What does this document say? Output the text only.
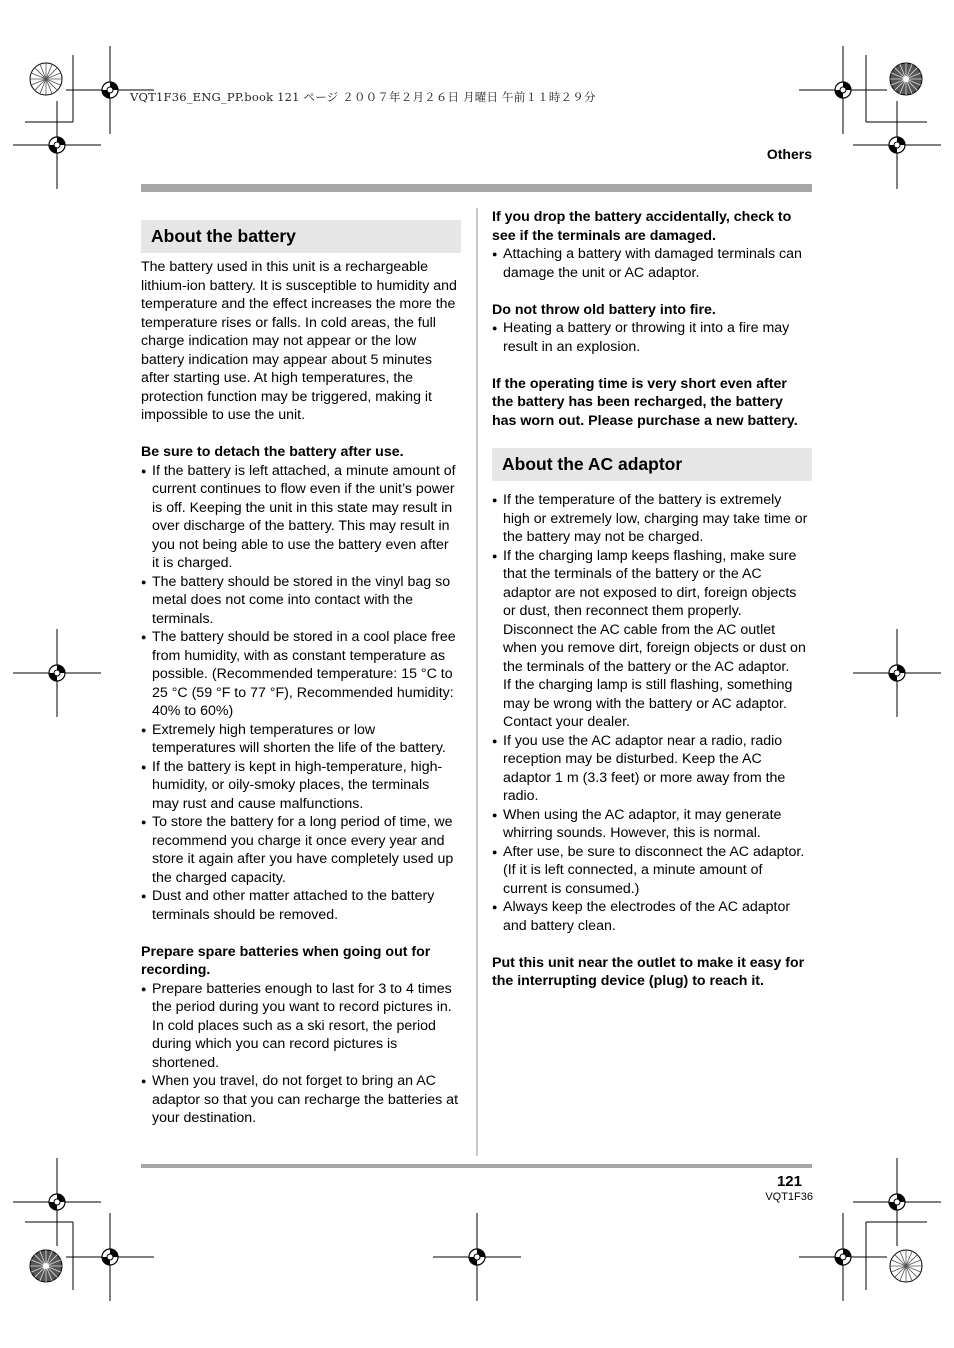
VQT1F36_ENG_PP.book 121 ページ ２００７年２月２６日 月曜日 午前１１時２９分
Others
About the battery

The battery used in this unit is a rechargeable lithium-ion battery. It is susceptible to humidity and temperature and the effect increases the more the temperature rises or falls. In cold areas, the full charge indication may not appear or the low battery indication may appear about 5 minutes after starting use. At high temperatures, the protection function may be triggered, making it impossible to use the unit.

Be sure to detach the battery after use.

● If the battery is left attached, a minute amount of current continues to flow even if the unit’s power is off. Keeping the unit in this state may result in over discharge of the battery. This may result in you not being able to use the battery even after it is charged.
● The battery should be stored in the vinyl bag so metal does not come into contact with the terminals.
● The battery should be stored in a cool place free from humidity, with as constant temperature as possible. (Recommended temperature: 15 °C to 25 °C (59 °F to 77 °F), Recommended humidity: 40% to 60%)
● Extremely high temperatures or low temperatures will shorten the life of the battery.
● If the battery is kept in high-temperature, high-humidity, or oily-smoky places, the terminals may rust and cause malfunctions.
● To store the battery for a long period of time, we recommend you charge it once every year and store it again after you have completely used up the charged capacity.
● Dust and other matter attached to the battery terminals should be removed.

Prepare spare batteries when going out for recording.

● Prepare batteries enough to last for 3 to 4 times the period during you want to record pictures in. In cold places such as a ski resort, the period during which you can record pictures is shortened.
● When you travel, do not forget to bring an AC adaptor so that you can recharge the batteries at your destination.

If you drop the battery accidentally, check to see if the terminals are damaged.

● Attaching a battery with damaged terminals can damage the unit or AC adaptor.

Do not throw old battery into fire.

● Heating a battery or throwing it into a fire may result in an explosion.

If the operating time is very short even after the battery has been recharged, the battery has worn out. Please purchase a new battery.

About the AC adaptor
● If the temperature of the battery is extremely high or extremely low, charging may take time or the battery may not be charged.
● If the charging lamp keeps flashing, make sure that the terminals of the battery or the AC adaptor are not exposed to dirt, foreign objects or dust, then reconnect them properly.
Disconnect the AC cable from the AC outlet when you remove dirt, foreign objects or dust on the terminals of the battery or the AC adaptor.
If the charging lamp is still flashing, something may be wrong with the battery or AC adaptor. Contact your dealer.
● If you use the AC adaptor near a radio, radio reception may be disturbed. Keep the AC adaptor 1 m (3.3 feet) or more away from the radio.
● When using the AC adaptor, it may generate whirring sounds. However, this is normal.
● After use, be sure to disconnect the AC adaptor. (If it is left connected, a minute amount of current is consumed.)
● Always keep the electrodes of the AC adaptor and battery clean.

Put this unit near the outlet to make it easy for the interrupting device (plug) to reach it.

121
VQT1F36
